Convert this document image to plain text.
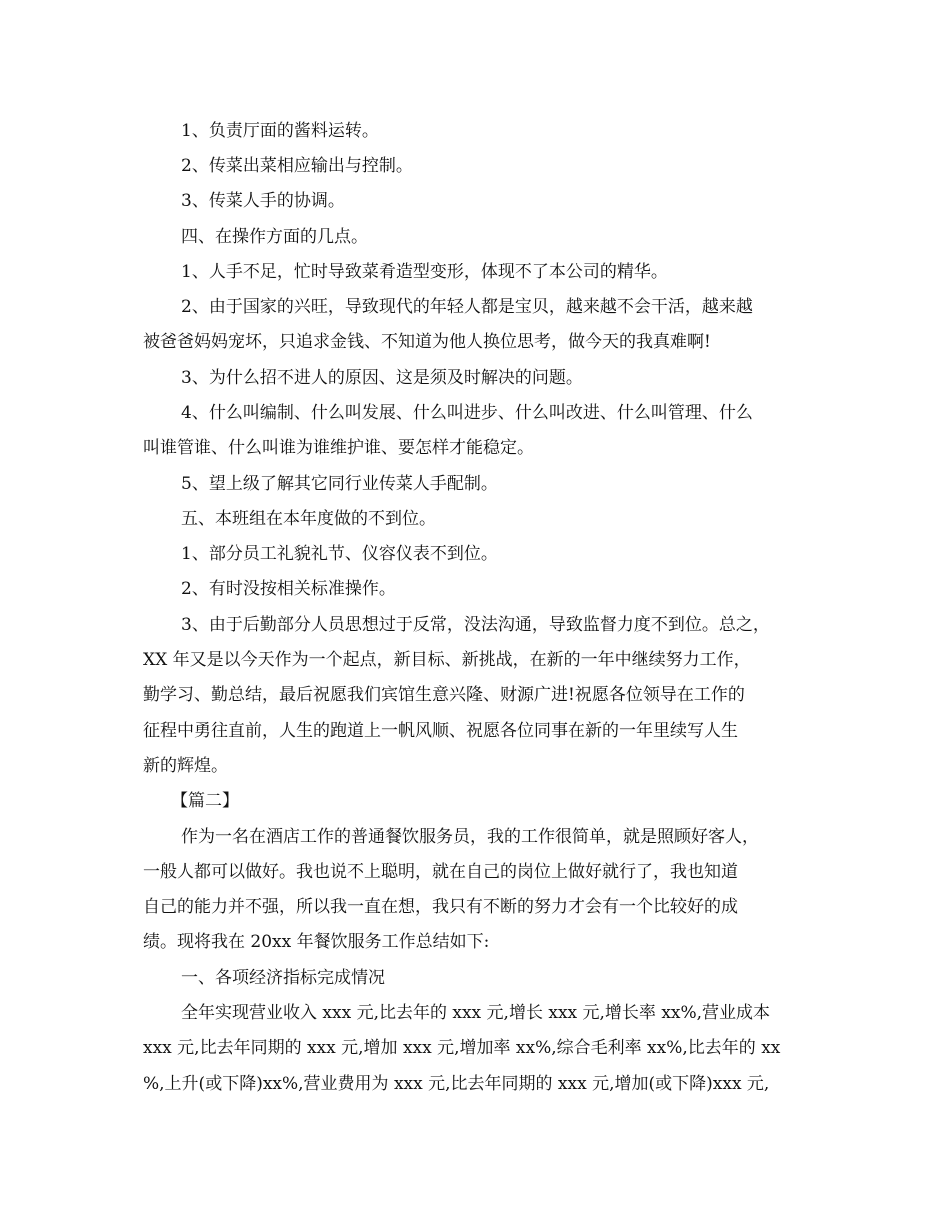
1、负责厅面的酱料运转。
2、传菜出菜相应输出与控制。
3、传菜人手的协调。
四、在操作方面的几点。
1、人手不足，忙时导致菜肴造型变形，体现不了本公司的精华。
2、由于国家的兴旺，导致现代的年轻人都是宝贝，越来越不会干活，越来越
被爸爸妈妈宠坏，只追求金钱、不知道为他人换位思考，做今天的我真难啊!
3、为什么招不进人的原因、这是须及时解决的问题。
4、什么叫编制、什么叫发展、什么叫进步、什么叫改进、什么叫管理、什么
叫谁管谁、什么叫谁为谁维护谁、要怎样才能稳定。
5、望上级了解其它同行业传菜人手配制。
五、本班组在本年度做的不到位。
1、部分员工礼貌礼节、仪容仪表不到位。
2、有时没按相关标准操作。
3、由于后勤部分人员思想过于反常，没法沟通，导致监督力度不到位。总之，
XX 年又是以今天作为一个起点，新目标、新挑战，在新的一年中继续努力工作，
勤学习、勤总结，最后祝愿我们宾馆生意兴隆、财源广进!祝愿各位领导在工作的
征程中勇往直前，人生的跑道上一帆风顺、祝愿各位同事在新的一年里续写人生
新的辉煌。
【篇二】
作为一名在酒店工作的普通餐饮服务员，我的工作很简单，就是照顾好客人，
一般人都可以做好。我也说不上聪明，就在自己的岗位上做好就行了，我也知道
自己的能力并不强，所以我一直在想，我只有不断的努力才会有一个比较好的成
绩。现将我在 20xx 年餐饮服务工作总结如下:
一、各项经济指标完成情况
全年实现营业收入 xxx 元,比去年的 xxx 元,增长 xxx 元,增长率 xx%,营业成本
xxx 元,比去年同期的 xxx 元,增加 xxx 元,增加率 xx%,综合毛利率 xx%,比去年的 xx
%,上升(或下降)xx%,营业费用为 xxx 元,比去年同期的 xxx 元,增加(或下降)xxx 元,
